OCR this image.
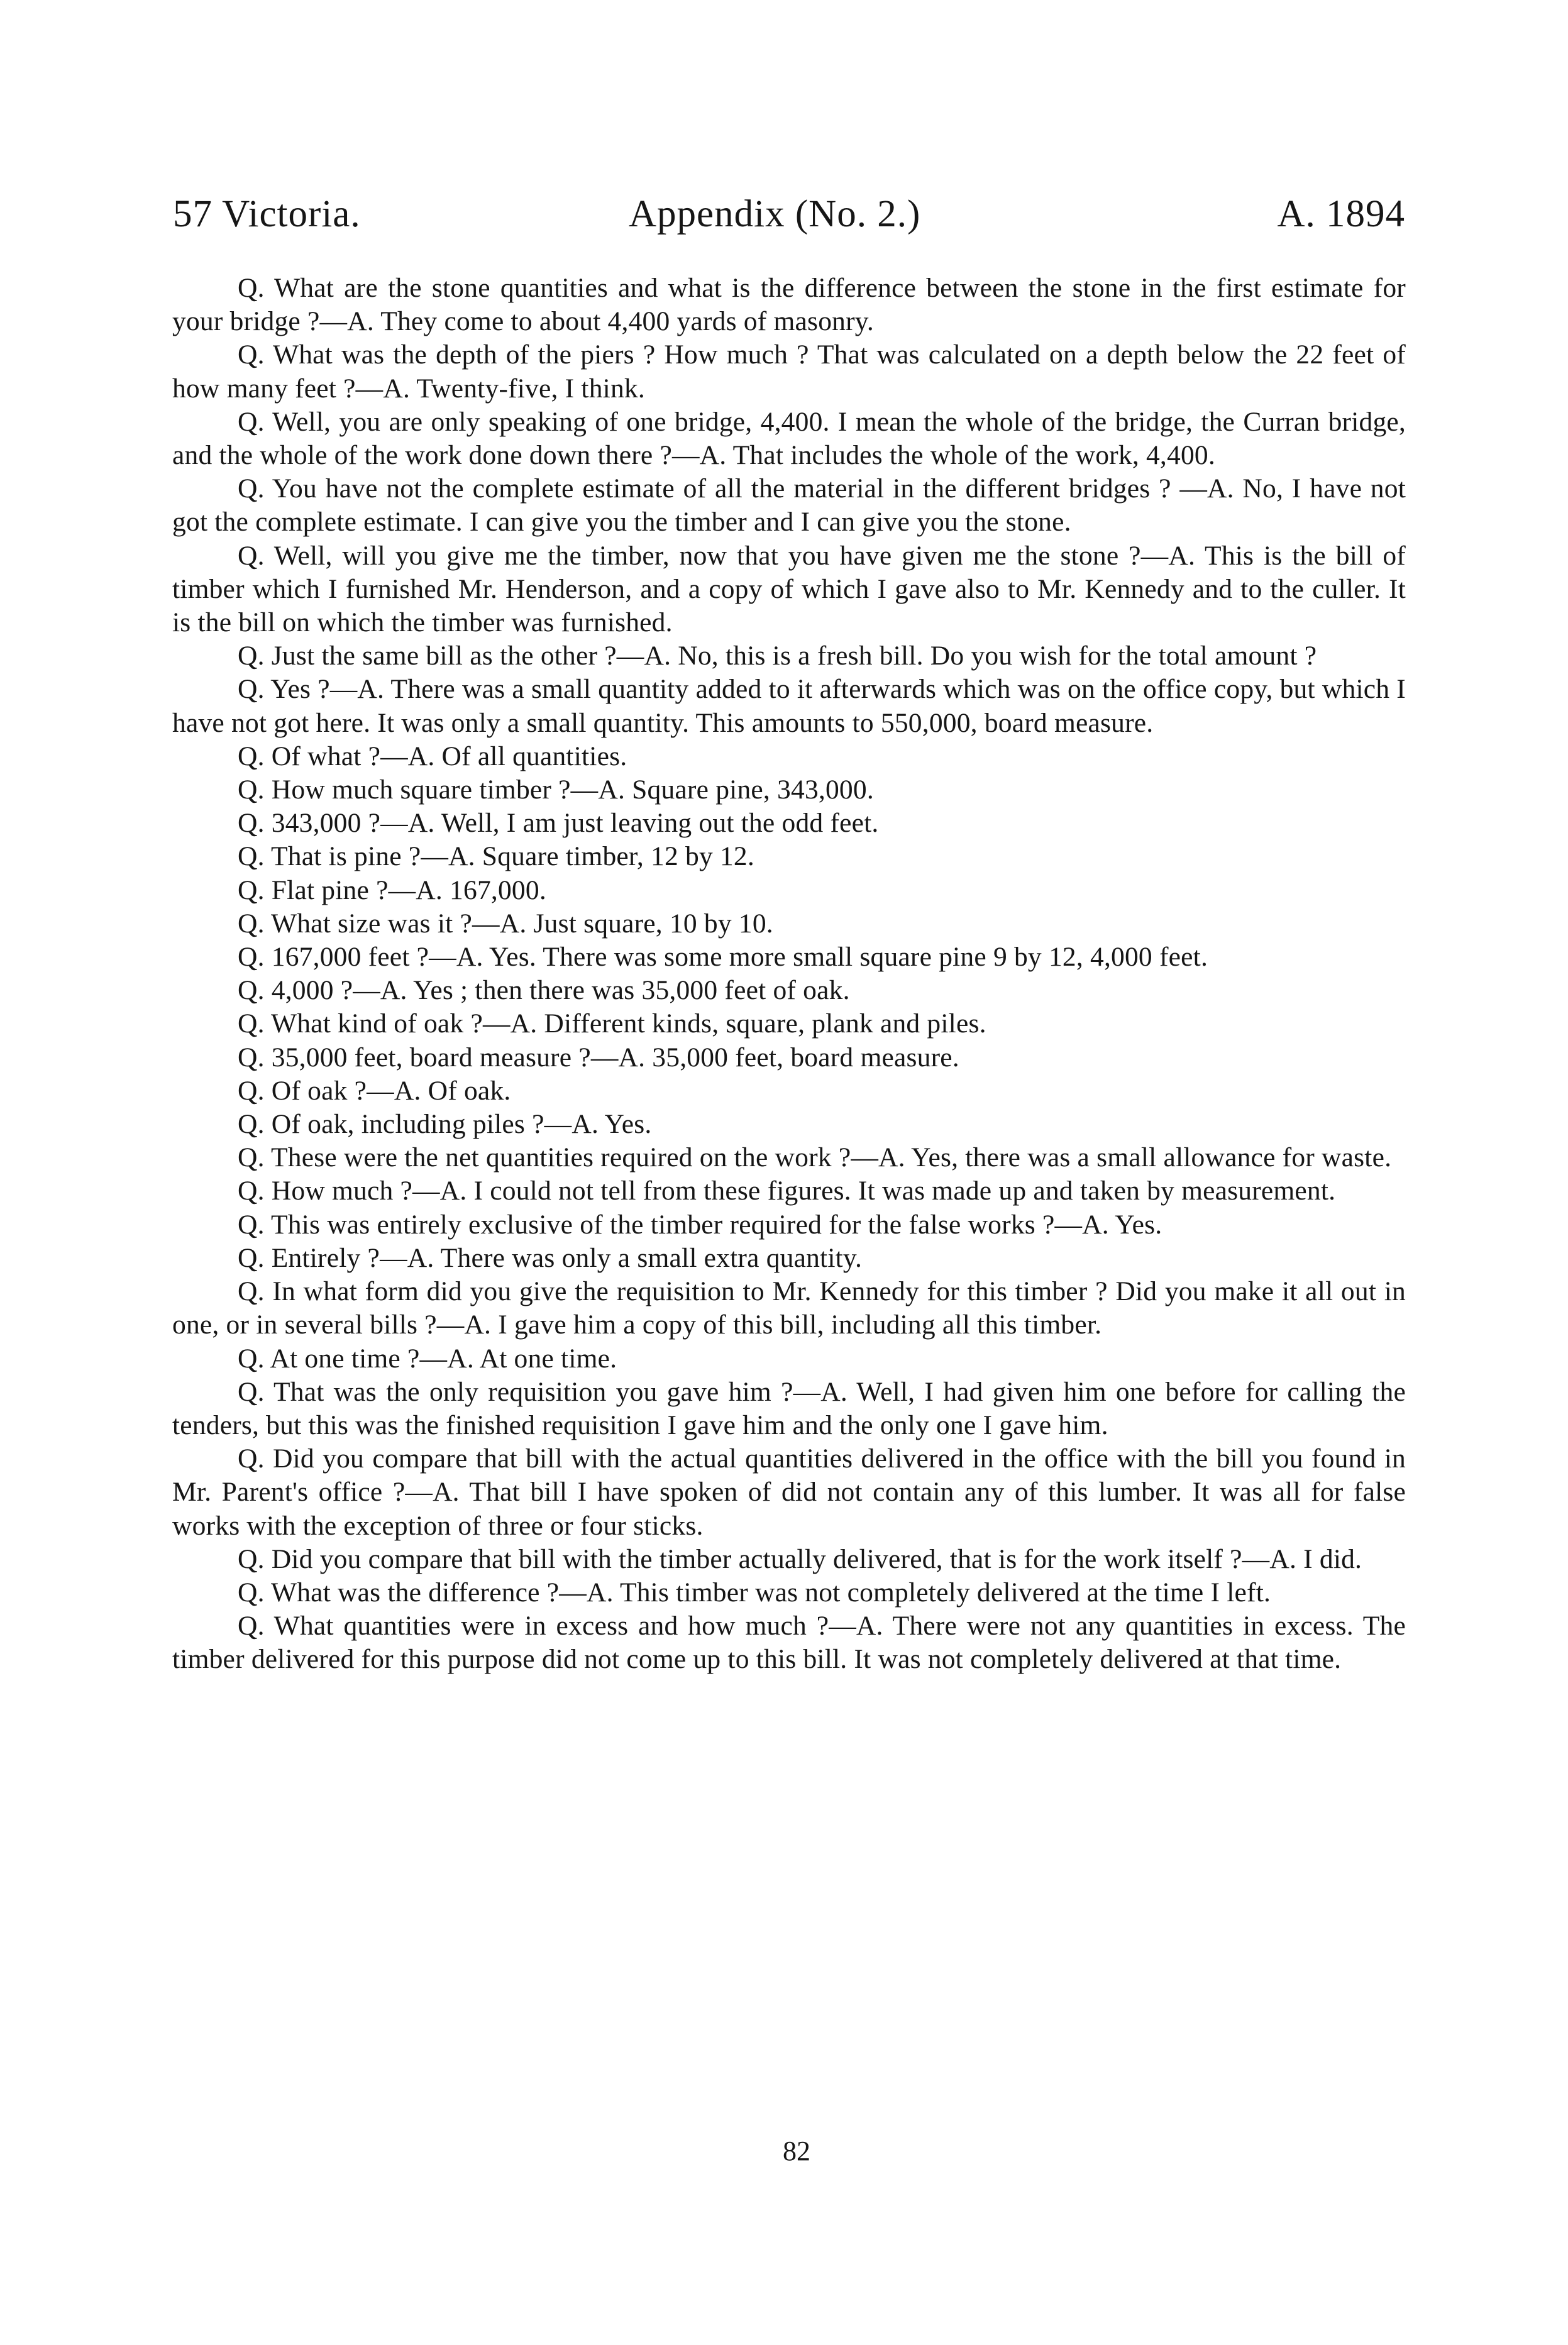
57 Victoria.	Appendix (No. 2.)	A. 1894

Q. What are the stone quantities and what is the difference between the stone in the first estimate for your bridge ?—A. They come to about 4,400 yards of masonry.

Q. What was the depth of the piers ? How much ? That was calculated on a depth below the 22 feet of how many feet ?—A. Twenty-five, I think.

Q. Well, you are only speaking of one bridge, 4,400. I mean the whole of the bridge, the Curran bridge, and the whole of the work done down there ?—A. That includes the whole of the work, 4,400.

Q. You have not the complete estimate of all the material in the different bridges ? —A. No, I have not got the complete estimate. I can give you the timber and I can give you the stone.

Q. Well, will you give me the timber, now that you have given me the stone ?—A. This is the bill of timber which I furnished Mr. Henderson, and a copy of which I gave also to Mr. Kennedy and to the culler. It is the bill on which the timber was furnished.

Q. Just the same bill as the other ?—A. No, this is a fresh bill. Do you wish for the total amount ?

Q. Yes ?—A. There was a small quantity added to it afterwards which was on the office copy, but which I have not got here. It was only a small quantity. This amounts to 550,000, board measure.

Q. Of what ?—A. Of all quantities.

Q. How much square timber ?—A. Square pine, 343,000.

Q. 343,000 ?—A. Well, I am just leaving out the odd feet.

Q. That is pine ?—A. Square timber, 12 by 12.

Q. Flat pine ?—A. 167,000.

Q. What size was it ?—A. Just square, 10 by 10.

Q. 167,000 feet ?—A. Yes. There was some more small square pine 9 by 12, 4,000 feet.

Q. 4,000 ?—A. Yes ; then there was 35,000 feet of oak.

Q. What kind of oak ?—A. Different kinds, square, plank and piles.

Q. 35,000 feet, board measure ?—A. 35,000 feet, board measure.

Q. Of oak ?—A. Of oak.

Q. Of oak, including piles ?—A. Yes.

Q. These were the net quantities required on the work ?—A. Yes, there was a small allowance for waste.

Q. How much ?—A. I could not tell from these figures. It was made up and taken by measurement.

Q. This was entirely exclusive of the timber required for the false works ?—A. Yes.

Q. Entirely ?—A. There was only a small extra quantity.

Q. In what form did you give the requisition to Mr. Kennedy for this timber ? Did you make it all out in one, or in several bills ?—A. I gave him a copy of this bill, including all this timber.

Q. At one time ?—A. At one time.

Q. That was the only requisition you gave him ?—A. Well, I had given him one before for calling the tenders, but this was the finished requisition I gave him and the only one I gave him.

Q. Did you compare that bill with the actual quantities delivered in the office with the bill you found in Mr. Parent's office ?—A. That bill I have spoken of did not contain any of this lumber. It was all for false works with the exception of three or four sticks.

Q. Did you compare that bill with the timber actually delivered, that is for the work itself ?—A. I did.

Q. What was the difference ?—A. This timber was not completely delivered at the time I left.

Q. What quantities were in excess and how much ?—A. There were not any quantities in excess. The timber delivered for this purpose did not come up to this bill. It was not completely delivered at that time.

82
